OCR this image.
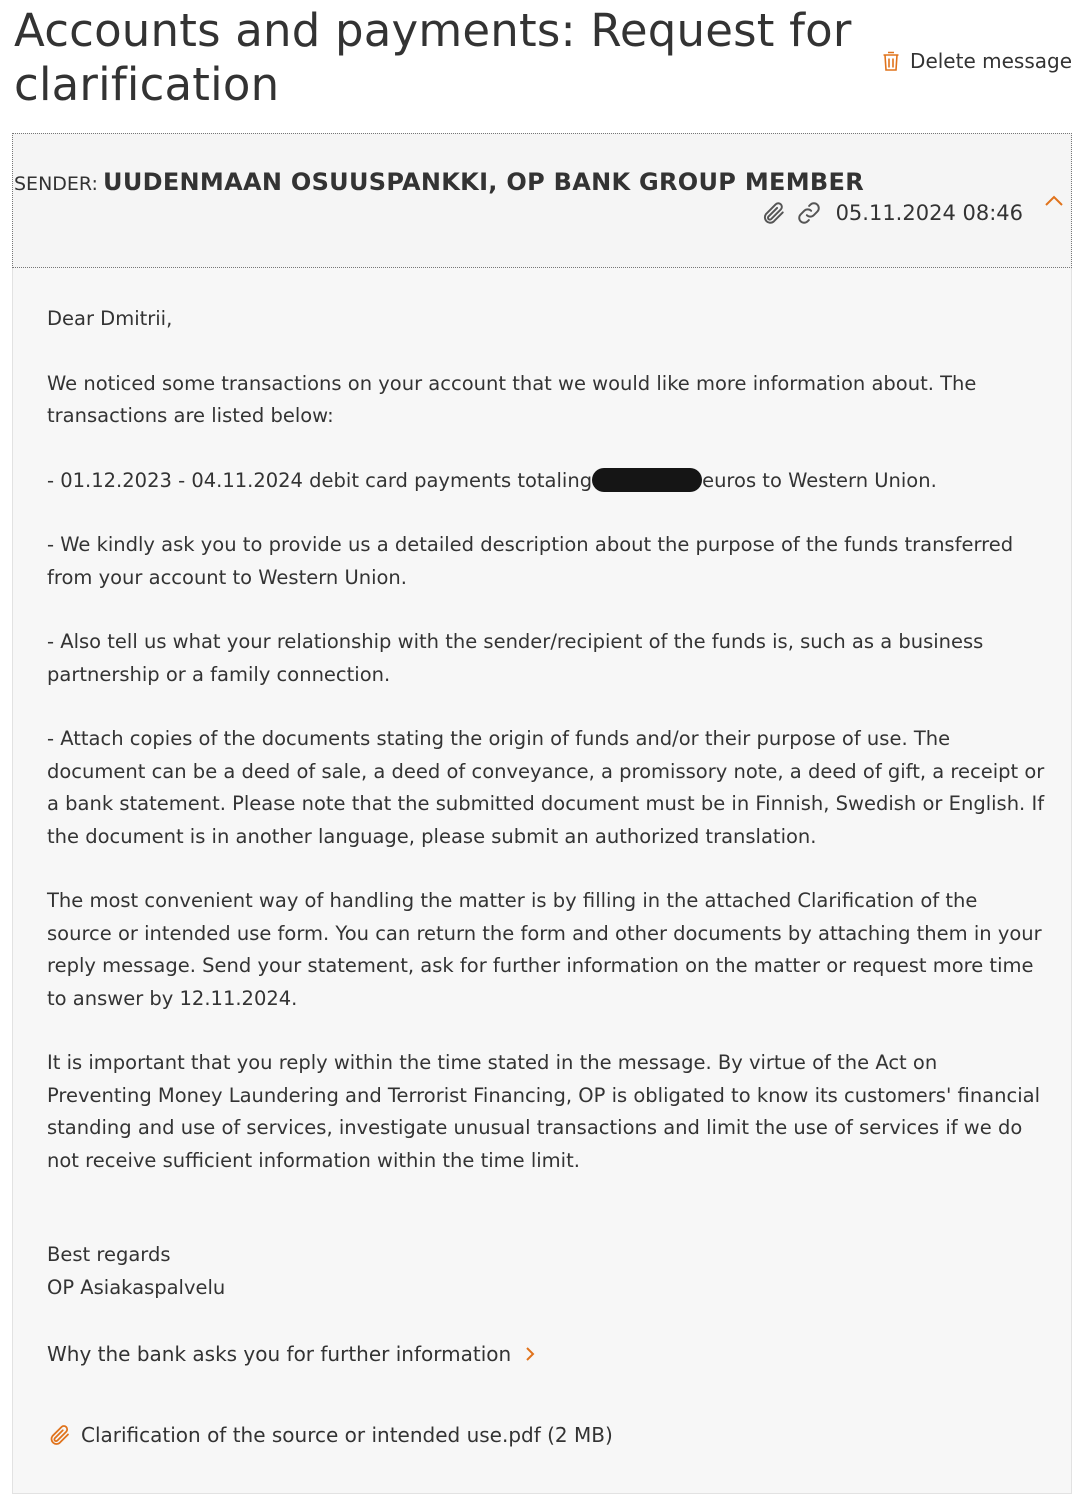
Accounts and payments: Request for clarification	Delete message
SENDER: UUDENMAAN OSUUSPANKKI, OP BANK GROUP MEMBER
05.11.2024 08:46

Dear Dmitrii,

We noticed some transactions on your account that we would like more information about. The transactions are listed below:

- 01.12.2023 - 04.11.2024 debit card payments totaling	euros to Western Union.

- We kindly ask you to provide us a detailed description about the purpose of the funds transferred from your account to Western Union.

- Also tell us what your relationship with the sender/recipient of the funds is, such as a business partnership or a family connection.

- Attach copies of the documents stating the origin of funds and/or their purpose of use. The document can be a deed of sale, a deed of conveyance, a promissory note, a deed of gift, a receipt or a bank statement. Please note that the submitted document must be in Finnish, Swedish or English. If the document is in another language, please submit an authorized translation.

The most convenient way of handling the matter is by filling in the attached Clarification of the source or intended use form. You can return the form and other documents by attaching them in your reply message. Send your statement, ask for further information on the matter or request more time to answer by 12.11.2024.

It is important that you reply within the time stated in the message. By virtue of the Act on Preventing Money Laundering and Terrorist Financing, OP is obligated to know its customers' financial standing and use of services, investigate unusual transactions and limit the use of services if we do not receive sufficient information within the time limit.

Best regards
OP Asiakaspalvelu
Why the bank asks you for further information
Clarification of the source or intended use.pdf (2 MB)
